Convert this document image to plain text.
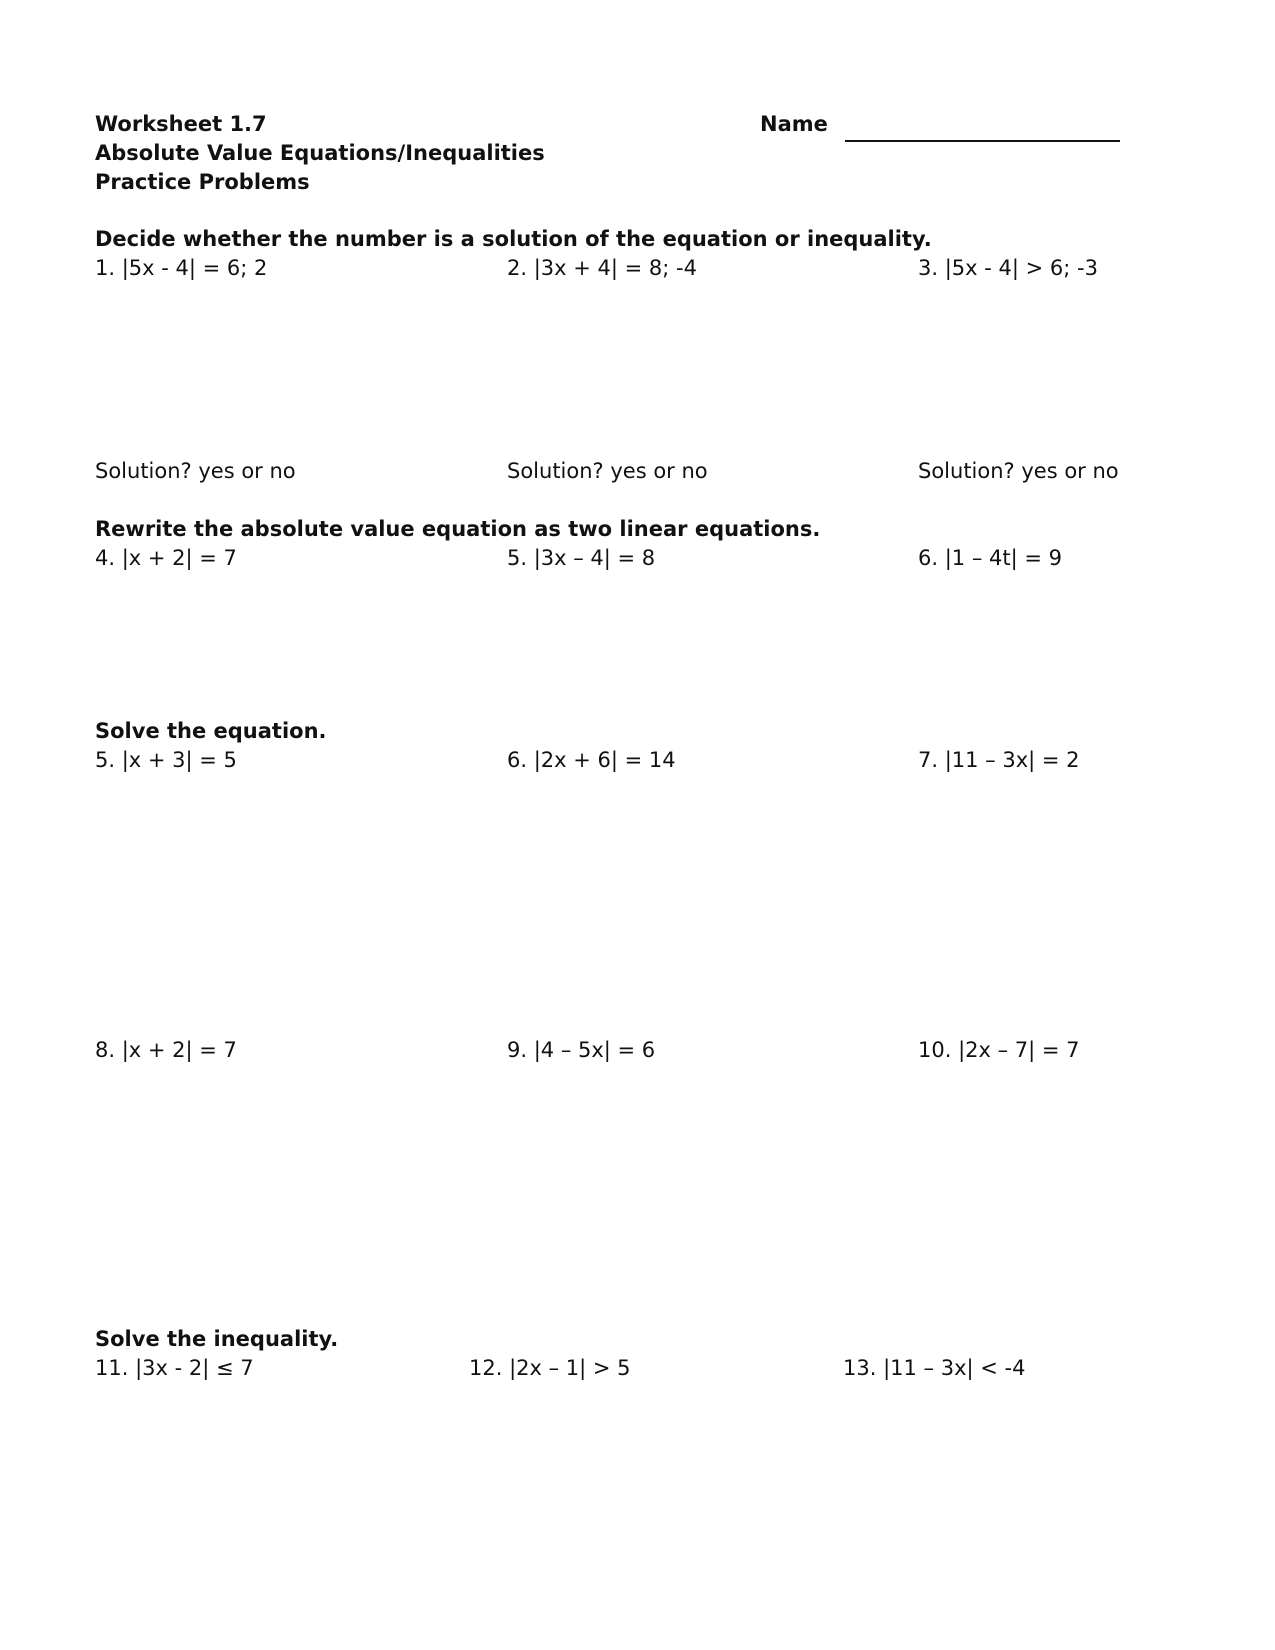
Worksheet 1.7
Absolute Value Equations/Inequalities
Practice Problems
Name
Decide whether the number is a solution of the equation or inequality.
1. |5x - 4| = 6; 2	2. |3x + 4| = 8; -4	3. |5x - 4| > 6; -3
Solution? yes or no	Solution? yes or no	Solution? yes or no
Rewrite the absolute value equation as two linear equations.
4. |x + 2| = 7	5. |3x – 4| = 8	6. |1 – 4t| = 9
Solve the equation.
5. |x + 3| = 5	6. |2x + 6| = 14	7. |11 – 3x| = 2
8. |x + 2| = 7	9. |4 – 5x| = 6	10. |2x – 7| = 7
Solve the inequality.
11. |3x - 2| ≤ 7	12. |2x – 1| > 5	13. |11 – 3x| < -4
